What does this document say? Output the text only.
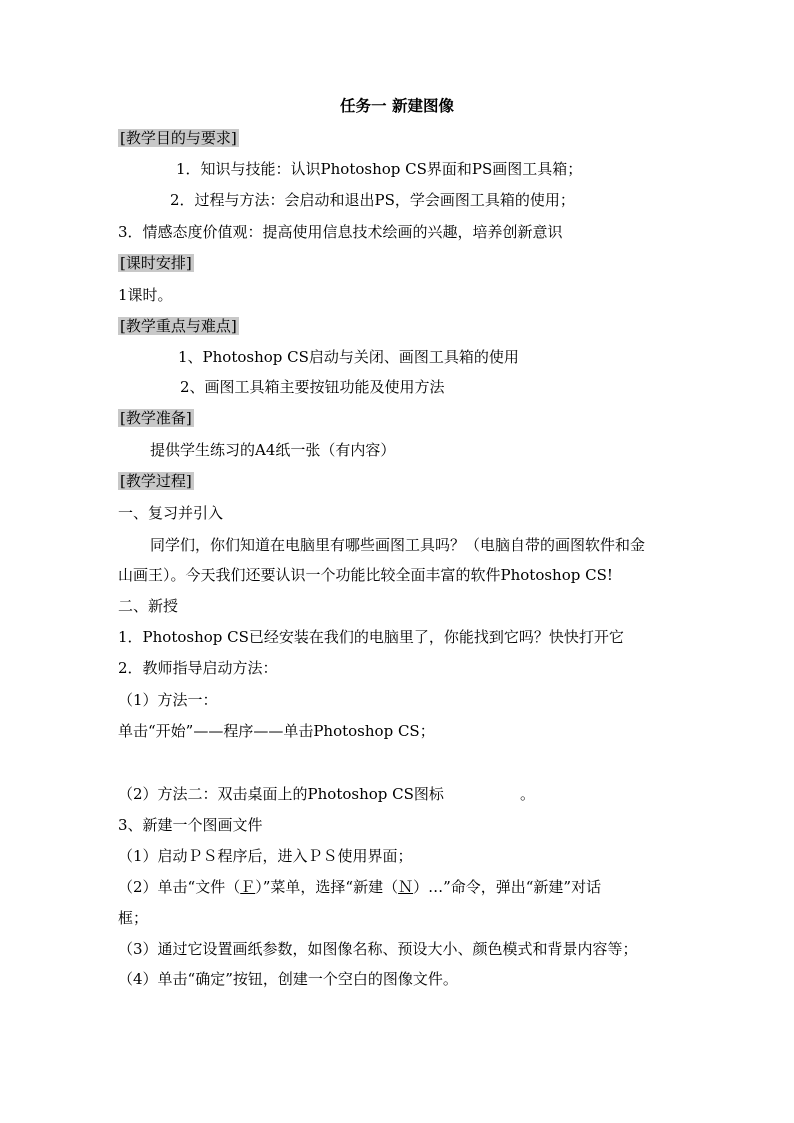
任务一 新建图像
[教学目的与要求]
1．知识与技能：认识Photoshop CS界面和PS画图工具箱；
2．过程与方法：会启动和退出PS，学会画图工具箱的使用；
3．情感态度价值观：提高使用信息技术绘画的兴趣，培养创新意识
[课时安排]
1课时。
[教学重点与难点]
1、Photoshop CS启动与关闭、画图工具箱的使用
2、画图工具箱主要按钮功能及使用方法
[教学准备]
提供学生练习的A4纸一张（有内容）
[教学过程]
一、复习并引入
同学们，你们知道在电脑里有哪些画图工具吗？（电脑自带的画图软件和金
山画王）。今天我们还要认识一个功能比较全面丰富的软件Photoshop CS!
二、新授
1．Photoshop CS已经安装在我们的电脑里了，你能找到它吗？快快打开它
2．教师指导启动方法：
（1）方法一：
单击“开始”——程序——单击Photoshop CS；
（2）方法二：双击桌面上的Photoshop CS图标	。
3、新建一个图画文件
（1）启动ＰＳ程序后，进入ＰＳ使用界面；
（2）单击“文件（Ｆ）”菜单，选择“新建（Ｎ）…”命令，弹出“新建”对话
框；
（3）通过它设置画纸参数，如图像名称、预设大小、颜色模式和背景内容等；
（4）单击“确定”按钮，创建一个空白的图像文件。
